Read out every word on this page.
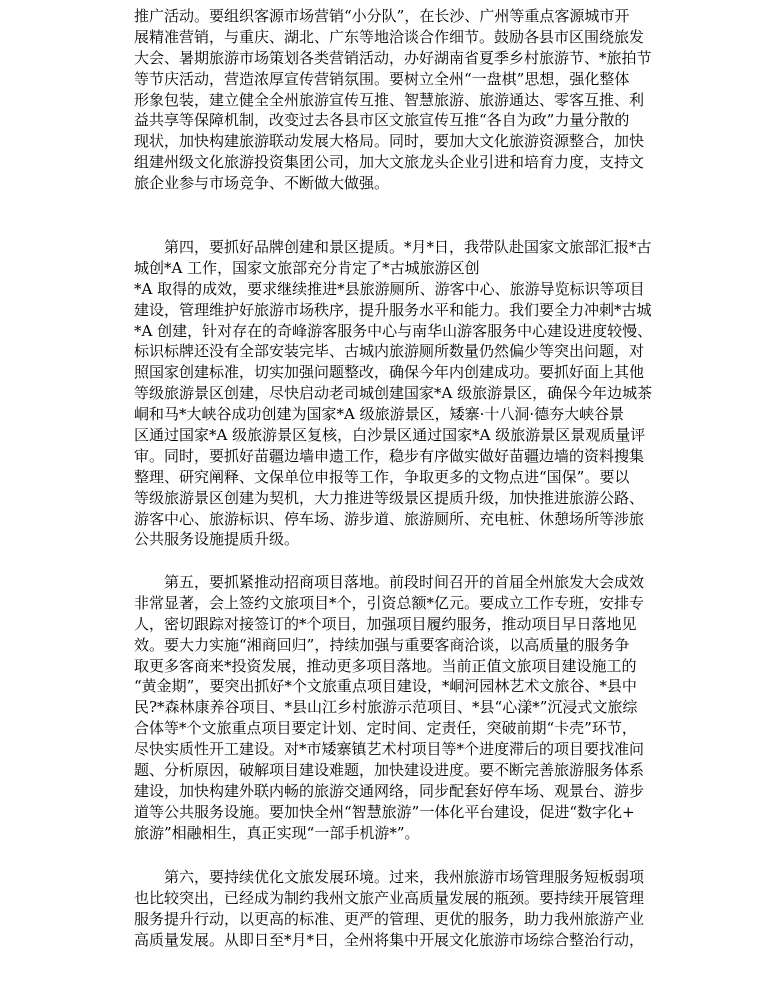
推广活动。要组织客源市场营销“小分队”，在长沙、广州等重点客源城市开
展精准营销，与重庆、湖北、广东等地洽谈合作细节。鼓励各县市区围绕旅发
大会、暑期旅游市场策划各类营销活动，办好湖南省夏季乡村旅游节、*旅拍节
等节庆活动，营造浓厚宣传营销氛围。要树立全州“一盘棋”思想，强化整体
形象包装，建立健全全州旅游宣传互推、智慧旅游、旅游通达、零客互推、利
益共享等保障机制，改变过去各县市区文旅宣传互推“各自为政”力量分散的
现状，加快构建旅游联动发展大格局。同时，要加大文化旅游资源整合，加快
组建州级文化旅游投资集团公司，加大文旅龙头企业引进和培育力度，支持文
旅企业参与市场竞争、不断做大做强。
第四，要抓好品牌创建和景区提质。*月*日，我带队赴国家文旅部汇报*古
城创*A 工作，国家文旅部充分肯定了*古城旅游区创
*A 取得的成效，要求继续推进*县旅游厕所、游客中心、旅游导览标识等项目
建设，管理维护好旅游市场秩序，提升服务水平和能力。我们要全力冲刺*古城
*A 创建，针对存在的奇峰游客服务中心与南华山游客服务中心建设进度较慢、
标识标牌还没有全部安装完毕、古城内旅游厕所数量仍然偏少等突出问题，对
照国家创建标准，切实加强问题整改，确保今年内创建成功。要抓好面上其他
等级旅游景区创建，尽快启动老司城创建国家*A 级旅游景区，确保今年边城茶
峒和马*大峡谷成功创建为国家*A 级旅游景区，矮寨·十八洞·德夯大峡谷景
区通过国家*A 级旅游景区复核，白沙景区通过国家*A 级旅游景区景观质量评
审。同时，要抓好苗疆边墙申遗工作，稳步有序做实做好苗疆边墙的资料搜集
整理、研究阐释、文保单位申报等工作，争取更多的文物点进“国保”。要以
等级旅游景区创建为契机，大力推进等级景区提质升级，加快推进旅游公路、
游客中心、旅游标识、停车场、游步道、旅游厕所、充电桩、休憩场所等涉旅
公共服务设施提质升级。
第五，要抓紧推动招商项目落地。前段时间召开的首届全州旅发大会成效
非常显著，会上签约文旅项目*个，引资总额*亿元。要成立工作专班，安排专
人，密切跟踪对接签订的*个项目，加强项目履约服务，推动项目早日落地见
效。要大力实施“湘商回归”，持续加强与重要客商洽谈，以高质量的服务争
取更多客商来*投资发展，推动更多项目落地。当前正值文旅项目建设施工的
“黄金期”，要突出抓好*个文旅重点项目建设，*峒河园林艺术文旅谷、*县中
民?*森林康养谷项目、*县山江乡村旅游示范项目、*县“心漾*”沉浸式文旅综
合体等*个文旅重点项目要定计划、定时间、定责任，突破前期“卡壳”环节，
尽快实质性开工建设。对*市矮寨镇艺术村项目等*个进度滞后的项目要找准问
题、分析原因，破解项目建设难题，加快建设进度。要不断完善旅游服务体系
建设，加快构建外联内畅的旅游交通网络，同步配套好停车场、观景台、游步
道等公共服务设施。要加快全州“智慧旅游”一体化平台建设，促进“数字化+
旅游”相融相生，真正实现“一部手机游*”。
第六，要持续优化文旅发展环境。过来，我州旅游市场管理服务短板弱项
也比较突出，已经成为制约我州文旅产业高质量发展的瓶颈。要持续开展管理
服务提升行动，以更高的标准、更严的管理、更优的服务，助力我州旅游产业
高质量发展。从即日至*月*日，全州将集中开展文化旅游市场综合整治行动，
